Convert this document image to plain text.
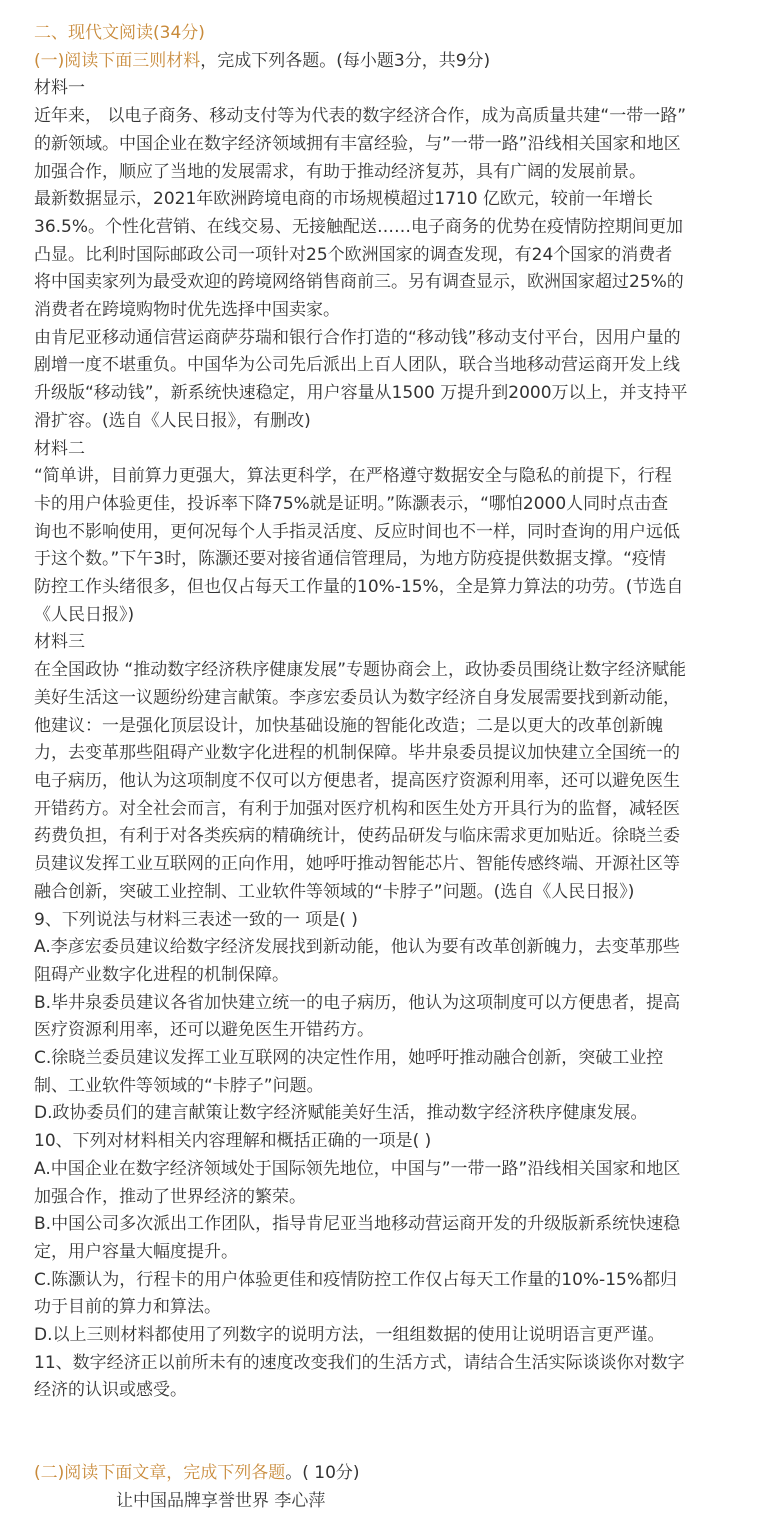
二、现代文阅读(34分)
(一)阅读下面三则材料，完成下列各题。(每小题3分，共9分)
材料一
近年来， 以电子商务、移动支付等为代表的数字经济合作，成为高质量共建“一带一路”
的新领域。中国企业在数字经济领域拥有丰富经验，与”一带一路”沿线相关国家和地区
加强合作，顺应了当地的发展需求，有助于推动经济复苏，具有广阔的发展前景。
最新数据显示，2021年欧洲跨境电商的市场规模超过1710 亿欧元，较前一年增长
36.5%。个性化营销、在线交易、无接触配送……电子商务的优势在疫情防控期间更加
凸显。比利时国际邮政公司一项针对25个欧洲国家的调查发现，有24个国家的消费者
将中国卖家列为最受欢迎的跨境网络销售商前三。另有调查显示，欧洲国家超过25%的
消费者在跨境购物时优先选择中国卖家。
由肯尼亚移动通信营运商萨芬瑞和银行合作打造的“移动钱”移动支付平台，因用户量的
剧增一度不堪重负。中国华为公司先后派出上百人团队，联合当地移动营运商开发上线
升级版“移动钱”，新系统快速稳定，用户容量从1500 万提升到2000万以上，并支持平
滑扩容。(选自《人民日报》，有删改)
材料二
“简单讲，目前算力更强大，算法更科学，在严格遵守数据安全与隐私的前提下，行程
卡的用户体验更佳，投诉率下降75%就是证明。”陈灏表示，“哪怕2000人同时点击查
询也不影响使用，更何况每个人手指灵活度、反应时间也不一样，同时查询的用户远低
于这个数。”下午3时，陈灏还要对接省通信管理局，为地方防疫提供数据支撑。“疫情
防控工作头绪很多，但也仅占每天工作量的10%-15%，全是算力算法的功劳。(节选自
《人民日报》)
材料三
在全国政协 “推动数字经济秩序健康发展”专题协商会上，政协委员围绕让数字经济赋能
美好生活这一议题纷纷建言献策。李彦宏委员认为数字经济自身发展需要找到新动能，
他建议：一是强化顶层设计，加快基础设施的智能化改造；二是以更大的改革创新魄
力，去变革那些阻碍产业数字化进程的机制保障。毕井泉委员提议加快建立全国统一的
电子病历，他认为这项制度不仅可以方便患者，提高医疗资源利用率，还可以避免医生
开错药方。对全社会而言，有利于加强对医疗机构和医生处方开具行为的监督，减轻医
药费负担，有利于对各类疾病的精确统计，使药品研发与临床需求更加贴近。徐晓兰委
员建议发挥工业互联网的正向作用，她呼吁推动智能芯片、智能传感终端、开源社区等
融合创新，突破工业控制、工业软件等领域的“卡脖子”问题。(选自《人民日报》)
9、下列说法与材料三表述一致的一 项是( )
A.李彦宏委员建议给数字经济发展找到新动能，他认为要有改革创新魄力，去变革那些
阻碍产业数字化进程的机制保障。
B.毕井泉委员建议各省加快建立统一的电子病历，他认为这项制度可以方便患者，提高
医疗资源利用率，还可以避免医生开错药方。
C.徐晓兰委员建议发挥工业互联网的决定性作用，她呼吁推动融合创新，突破工业控
制、工业软件等领域的“卡脖子”问题。
D.政协委员们的建言献策让数字经济赋能美好生活，推动数字经济秩序健康发展。
10、下列对材料相关内容理解和概括正确的一项是( )
A.中国企业在数字经济领域处于国际领先地位，中国与”一带一路”沿线相关国家和地区
加强合作，推动了世界经济的繁荣。
B.中国公司多次派出工作团队，指导肯尼亚当地移动营运商开发的升级版新系统快速稳
定，用户容量大幅度提升。
C.陈灏认为，行程卡的用户体验更佳和疫情防控工作仅占每天工作量的10%-15%都归
功于目前的算力和算法。
D.以上三则材料都使用了列数字的说明方法，一组组数据的使用让说明语言更严谨。
11、数字经济正以前所未有的速度改变我们的生活方式，请结合生活实际谈谈你对数字
经济的认识或感受。
(二)阅读下面文章，完成下列各题。( 10分)
让中国品牌享誉世界 李心萍
